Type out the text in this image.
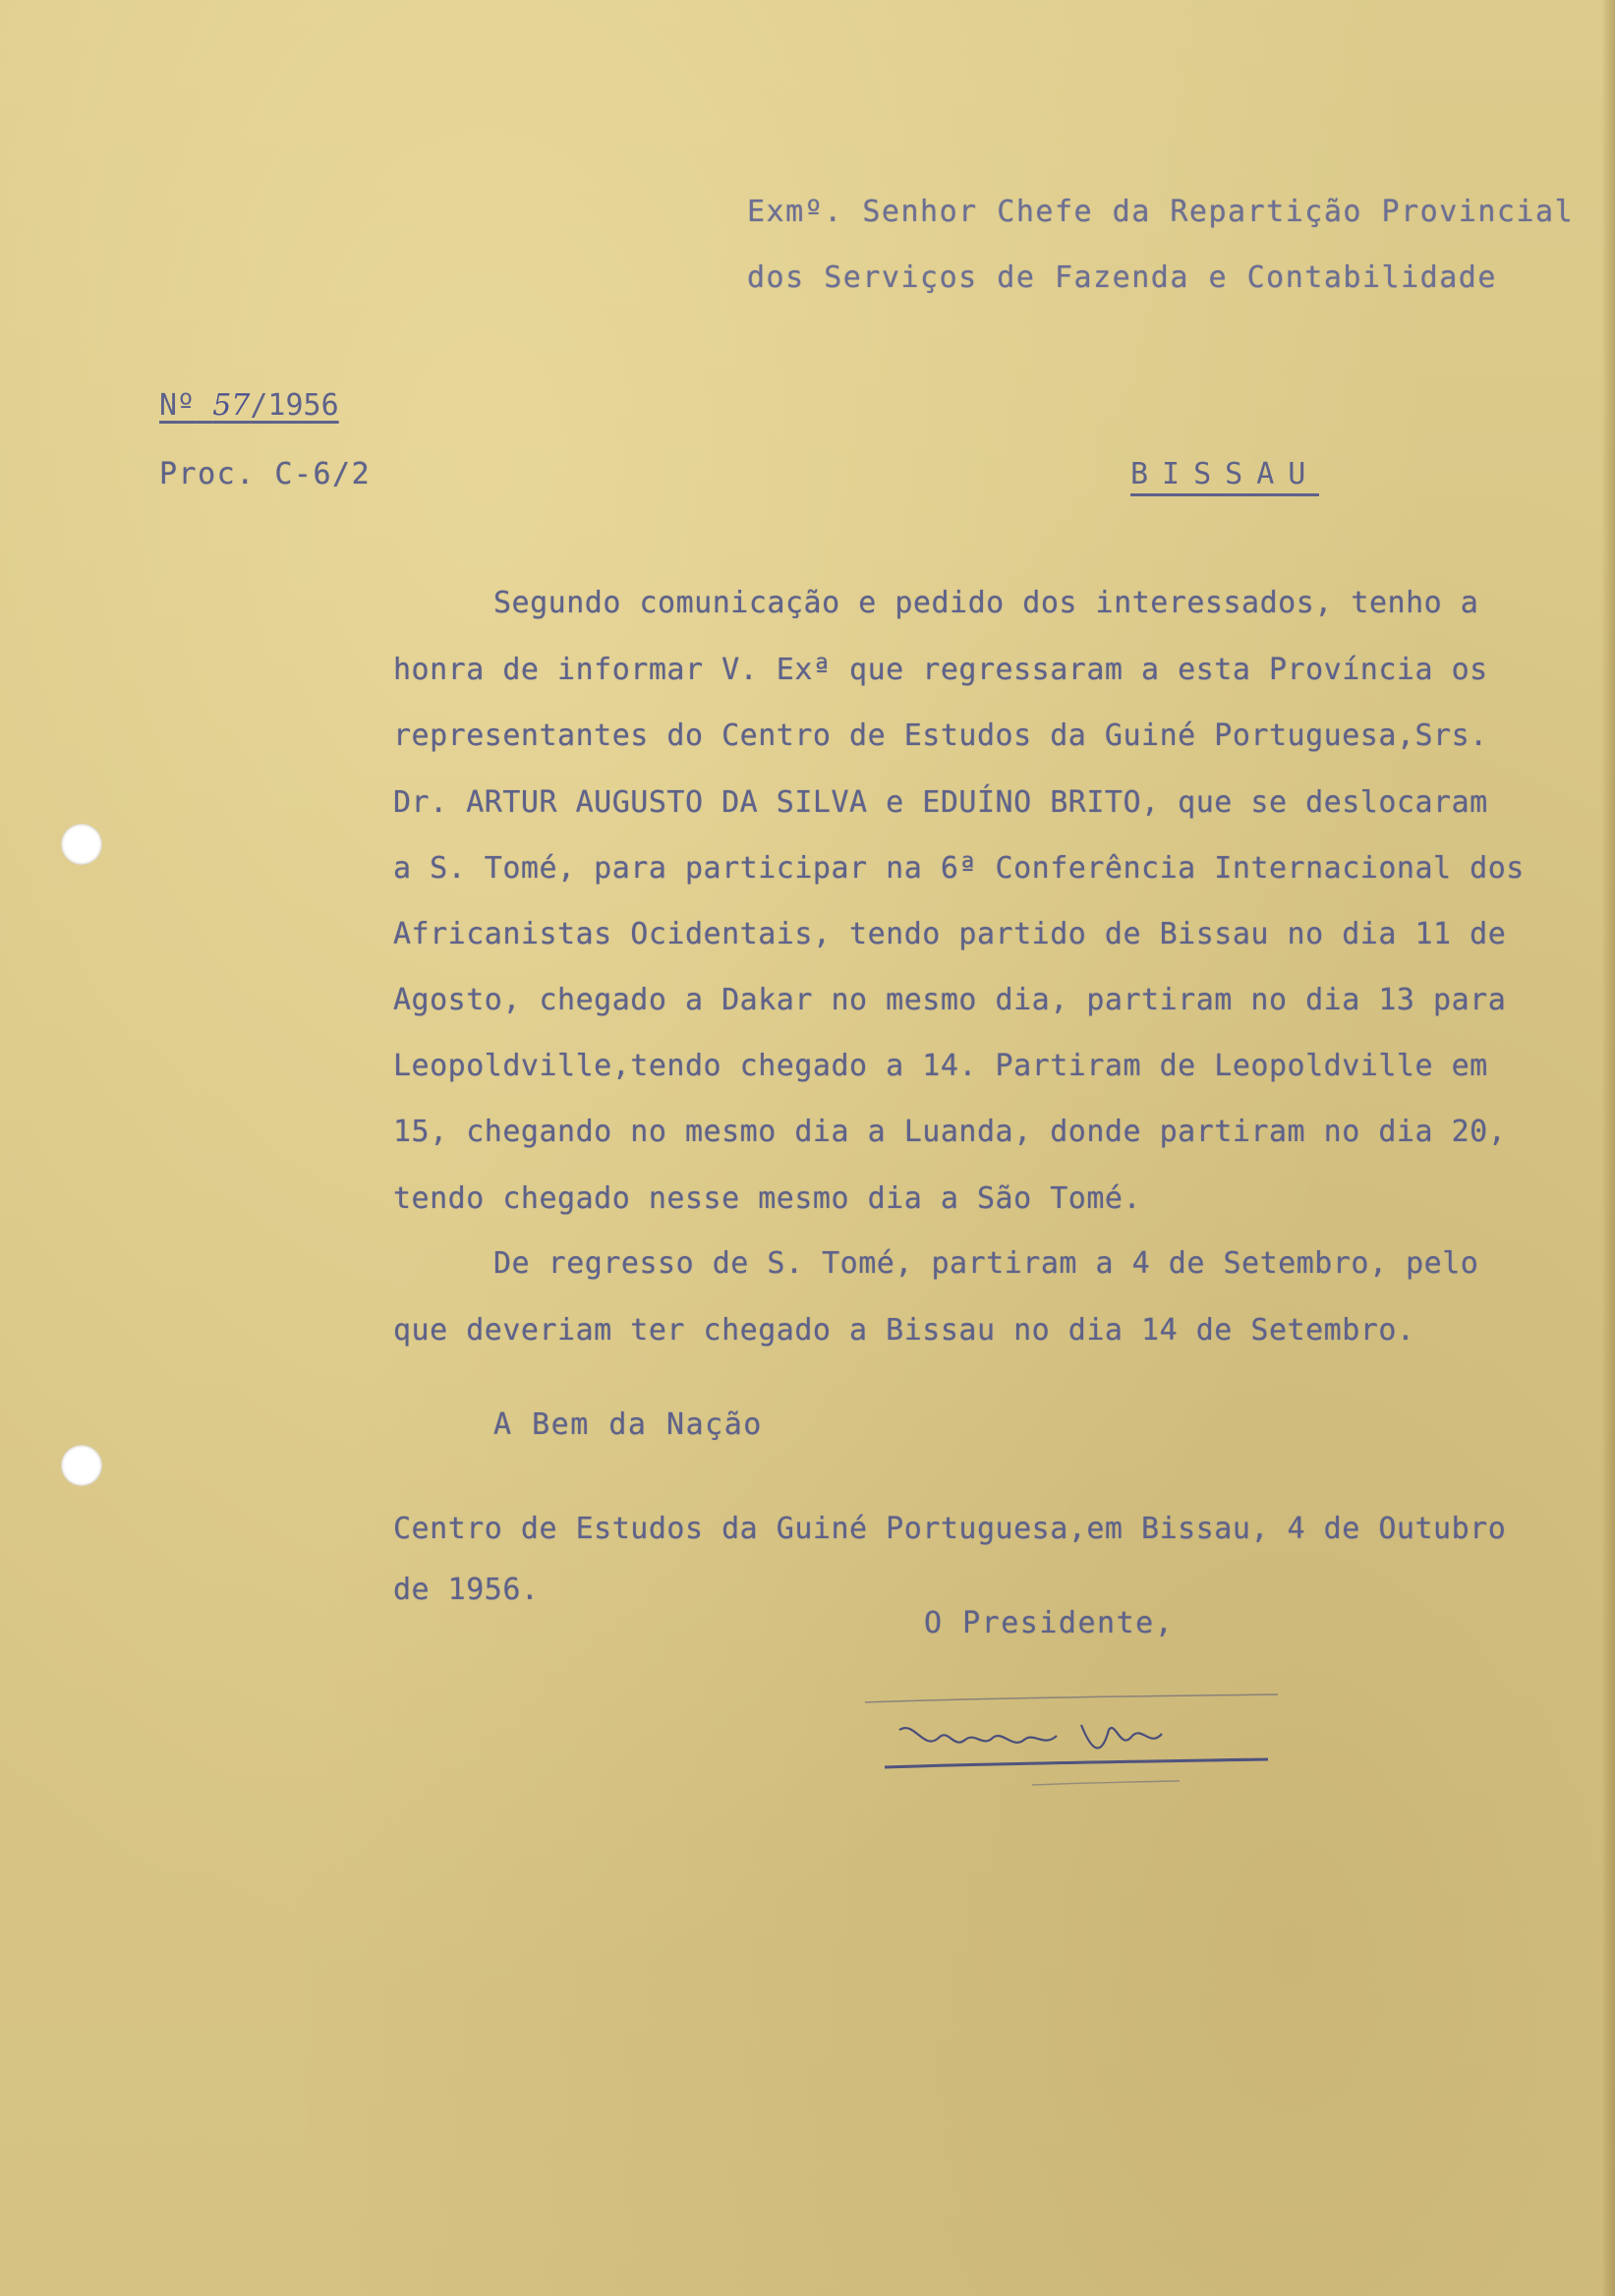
Exmº. Senhor Chefe da Repartição Provincial
dos Serviços de Fazenda e Contabilidade
Nº 57/1956
Proc. C-6/2	BISSAU
Segundo comunicação e pedido dos interessados, tenho a
honra de informar V. Exª que regressaram a esta Província os
representantes do Centro de Estudos da Guiné Portuguesa,Srs.
Dr. ARTUR AUGUSTO DA SILVA e EDUÍNO BRITO, que se deslocaram
a S. Tomé, para participar na 6ª Conferência Internacional dos
Africanistas Ocidentais, tendo partido de Bissau no dia 11 de
Agosto, chegado a Dakar no mesmo dia, partiram no dia 13 para
Leopoldville,tendo chegado a 14. Partiram de Leopoldville em
15, chegando no mesmo dia a Luanda, donde partiram no dia 20,
tendo chegado nesse mesmo dia a São Tomé.
De regresso de S. Tomé, partiram a 4 de Setembro, pelo
que deveriam ter chegado a Bissau no dia 14 de Setembro.
A Bem da Nação
Centro de Estudos da Guiné Portuguesa,em Bissau, 4 de Outubro
de 1956.
O Presidente,
